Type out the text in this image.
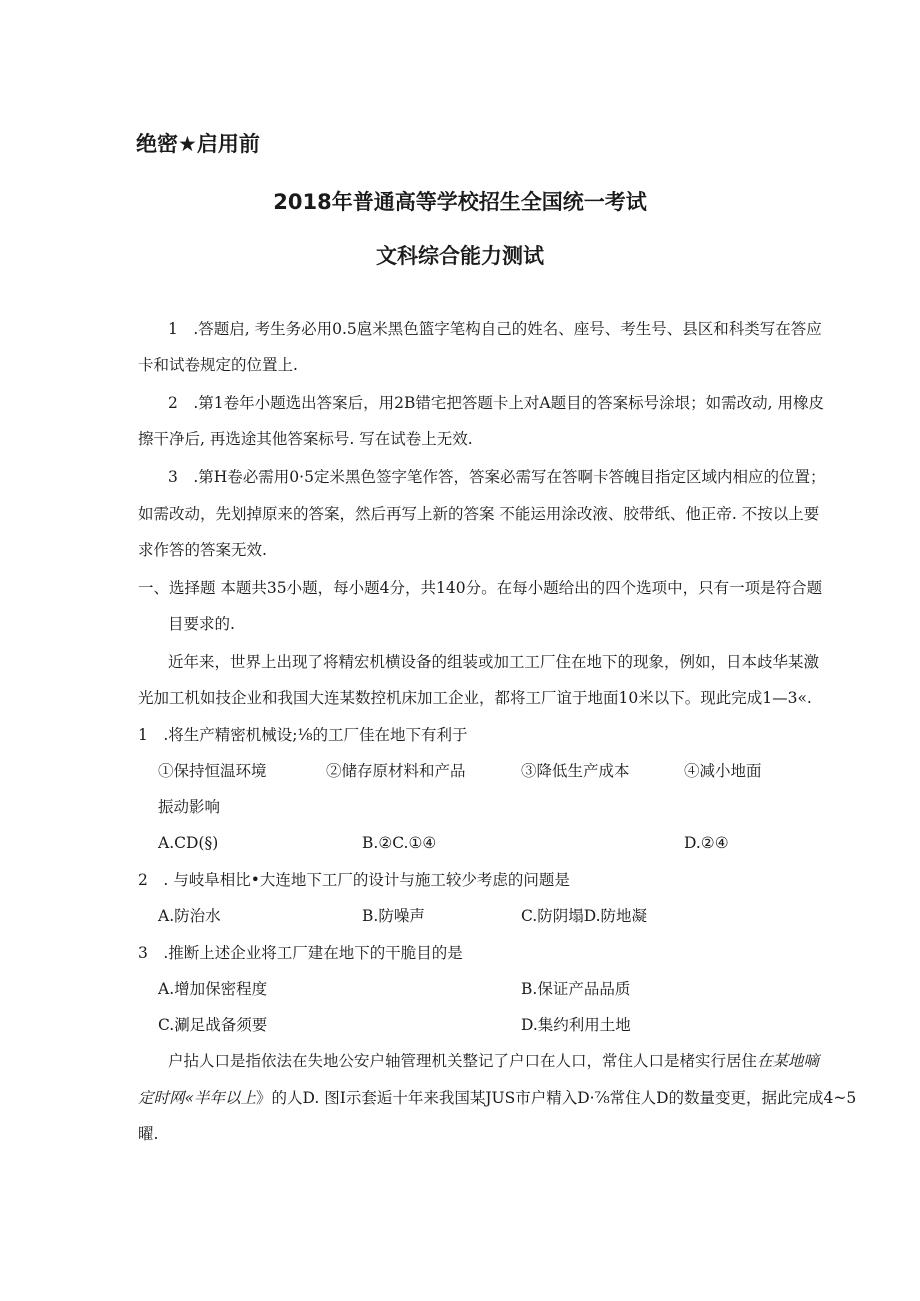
绝密★启用前
2018年普通高等学校招生全国统一考试
文科综合能力测试
1　.答题启, 考生务必用0.5扈米黑色篮字笔构自己的姓名、座号、考生号、县区和科类写在答应
卡和试卷规定的位置上.
2　.第1卷年小题选出答案后，用2B错宅把答题卡上对A题目的答案标号涂垠；如需改动, 用橡皮
擦干净后, 再选途其他答案标号. 写在试卷上无效.
3　.第H卷必需用0·5定米黑色签字笔作答，答案必需写在答啊卡答魄目指定区域内相应的位置；
如需改动，先划掉原来的答案，然后再写上新的答案 不能运用涂改液、胶带纸、他正帝. 不按以上要
求作答的答案无效.
一、选择题 本题共35小题，每小题4分，共140分。在每小题给出的四个选项中，只有一项是符合题
目要求的.
近年来，世界上出现了将精宏机横设备的组装或加工工厂住在地下的现象，例如，日本歧华某激
光加工机如技企业和我国大连某数控机床加工企业，都将工厂谊于地面10米以下。现此完成1—3«.
1　.将生产精密机械设;⅛的工厂佳在地下有利于
①保持恒温环境	②储存原材料和产品	③降低生产成本	④减小地面
振动影响
A.CD(§)	B.②C.①④	D.②④
2　. 与岐阜相比•大连地下工厂的设计与施工较少考虑的问题是
A.防治水	B.防噪声	C.防阴塌D.防地凝
3　.推断上述企业将工厂建在地下的干脆目的是
A.增加保密程度	B.保证产品品质
C.涮足战备须要	D.集约利用土地
户拈人口是指依法在失地公安户轴管理机关整记了户口在人口，常住人口是楮实行居住在某地嘀
定时网«半年以上》的人D. 图I示套逅十年来我国某JUS市户精入D·⅞常住人D的数量变更，据此完成4~5
曜.
